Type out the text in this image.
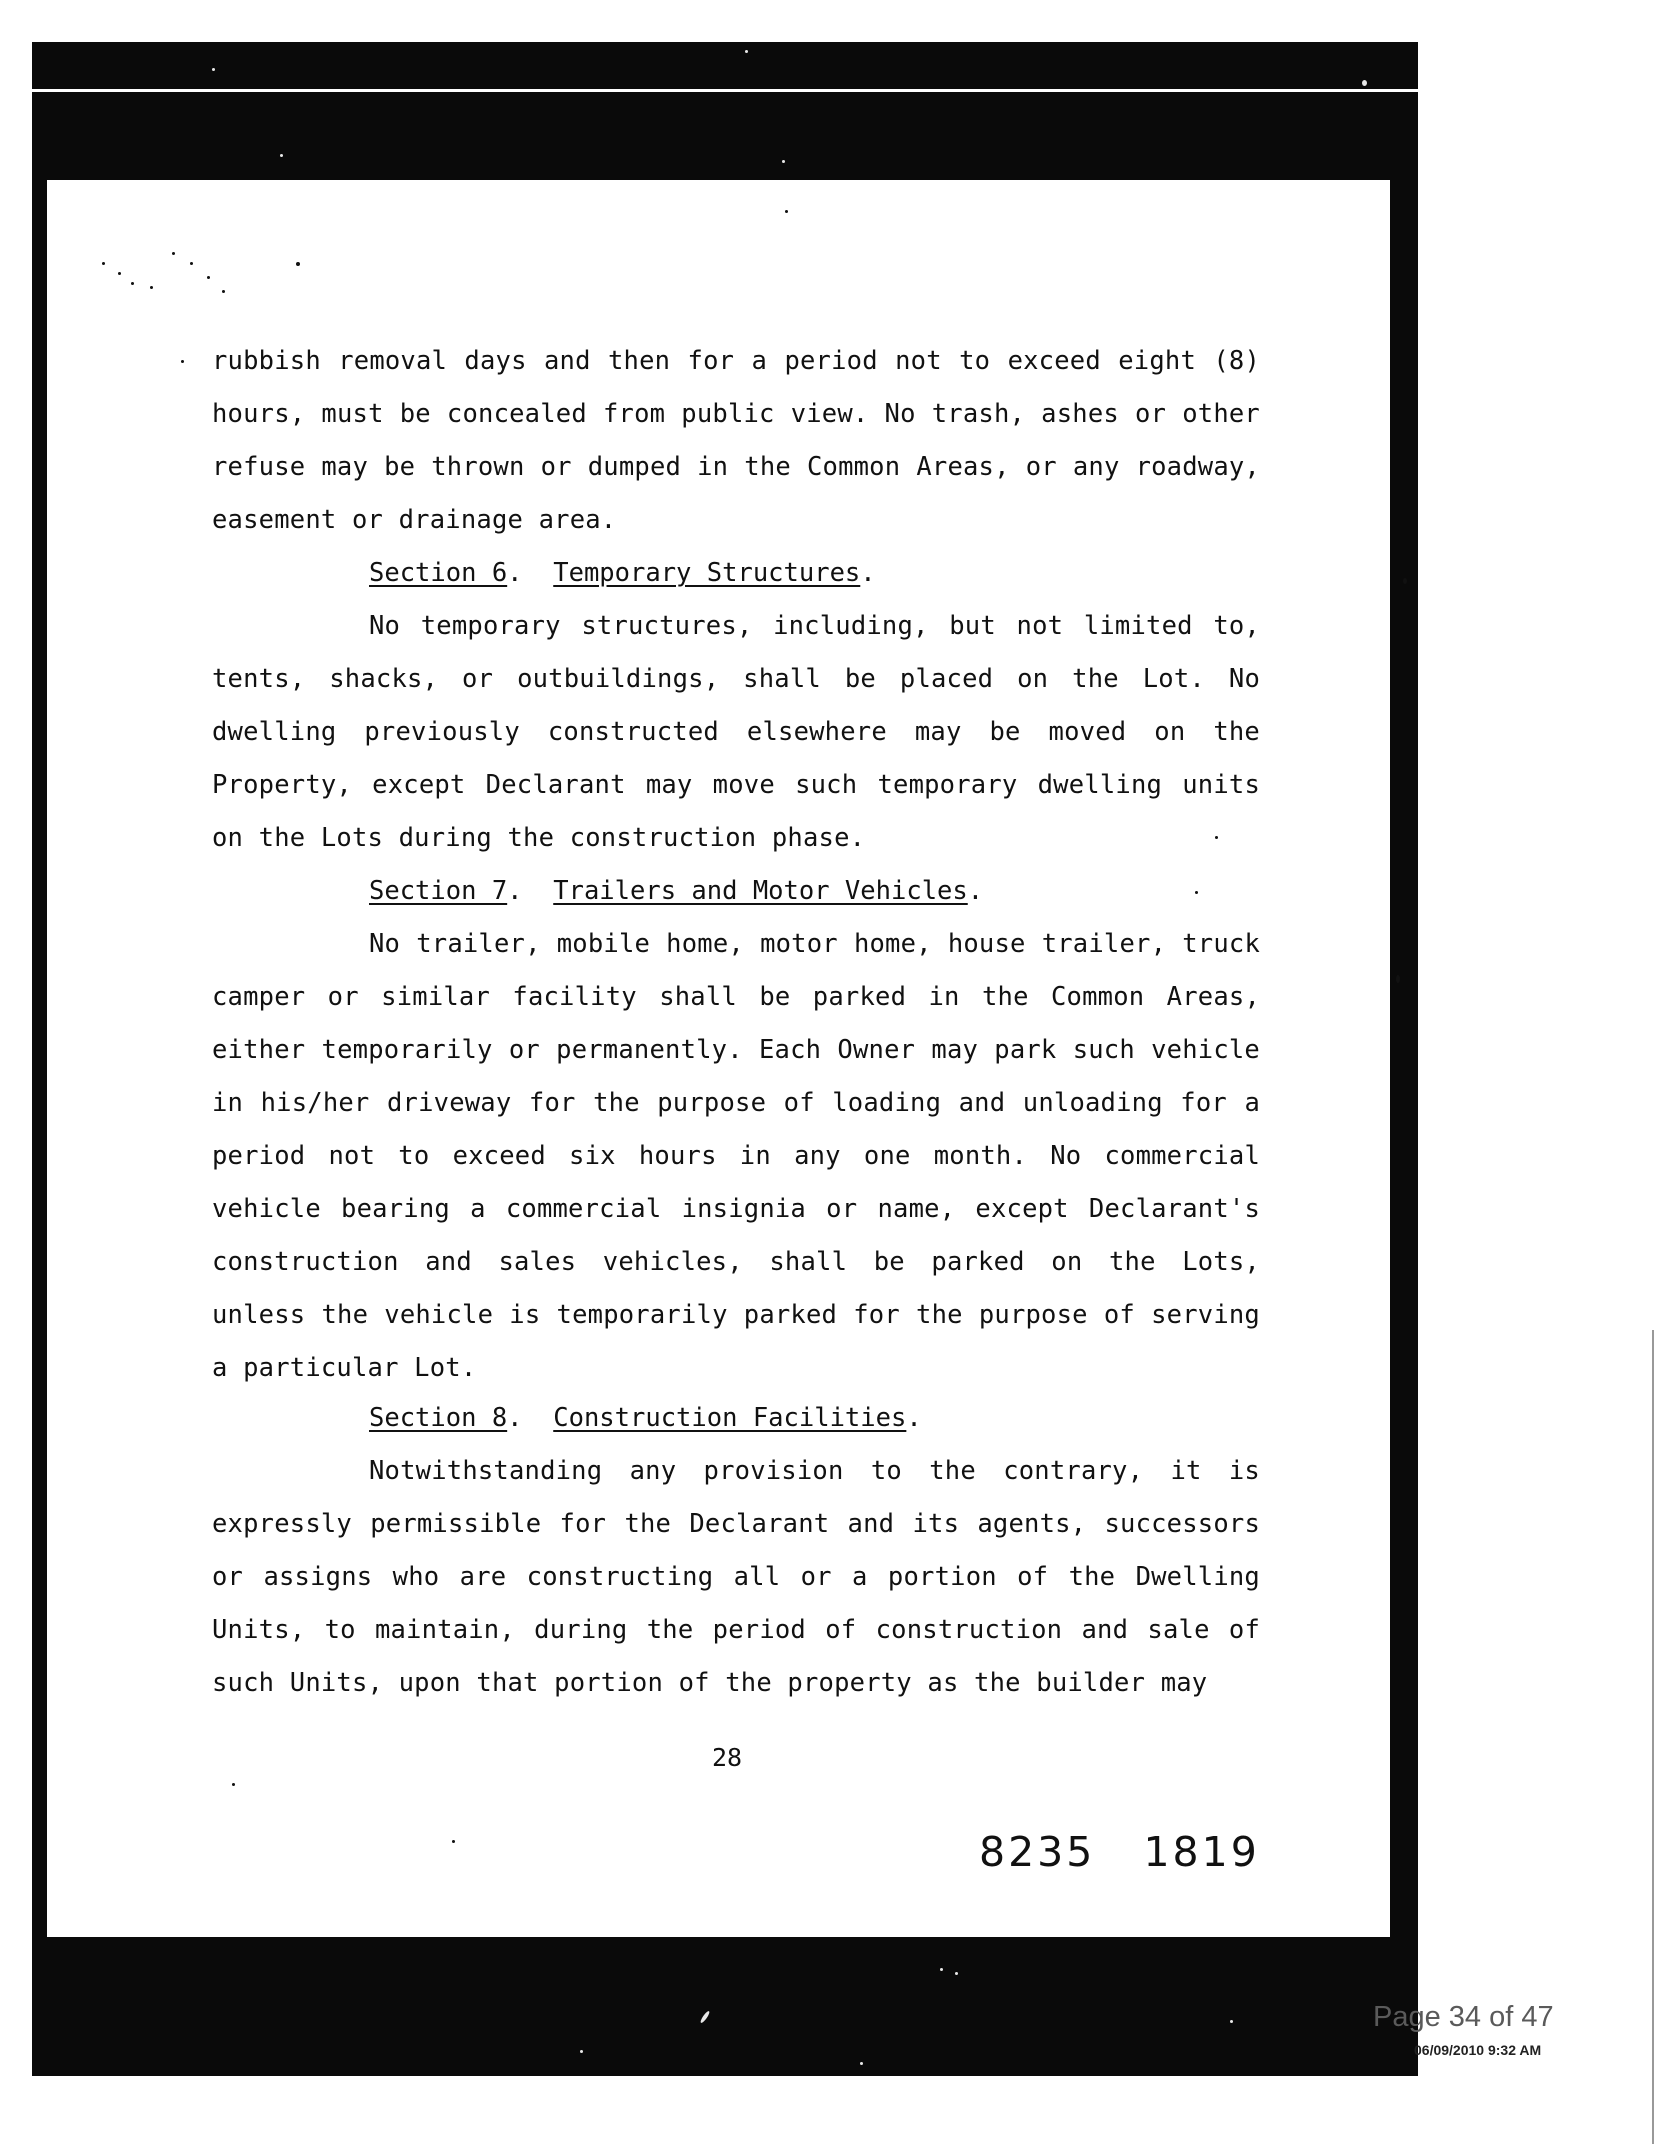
rubbish removal days and then for a period not to exceed eight (8) hours, must be concealed from public view. No trash, ashes or other refuse may be thrown or dumped in the Common Areas, or any roadway, easement or drainage area.

Section 6.  Temporary Structures.

No temporary structures, including, but not limited to, tents, shacks, or outbuildings, shall be placed on the Lot. No dwelling previously constructed elsewhere may be moved on the Property, except Declarant may move such temporary dwelling units on the Lots during the construction phase.

Section 7.  Trailers and Motor Vehicles.

No trailer, mobile home, motor home, house trailer, truck camper or similar facility shall be parked in the Common Areas, either temporarily or permanently. Each Owner may park such vehicle in his/her driveway for the purpose of loading and unloading for a period not to exceed six hours in any one month. No commercial vehicle bearing a commercial insignia or name, except Declarant's construction and sales vehicles, shall be parked on the Lots, unless the vehicle is temporarily parked for the purpose of serving a particular Lot.

Section 8.  Construction Facilities.

Notwithstanding any provision to the contrary, it is expressly permissible for the Declarant and its agents, successors or assigns who are constructing all or a portion of the Dwelling Units, to maintain, during the period of construction and sale of such Units, upon that portion of the property as the builder may

28
8235   1819
Page 34 of 47
06/09/2010 9:32 AM
